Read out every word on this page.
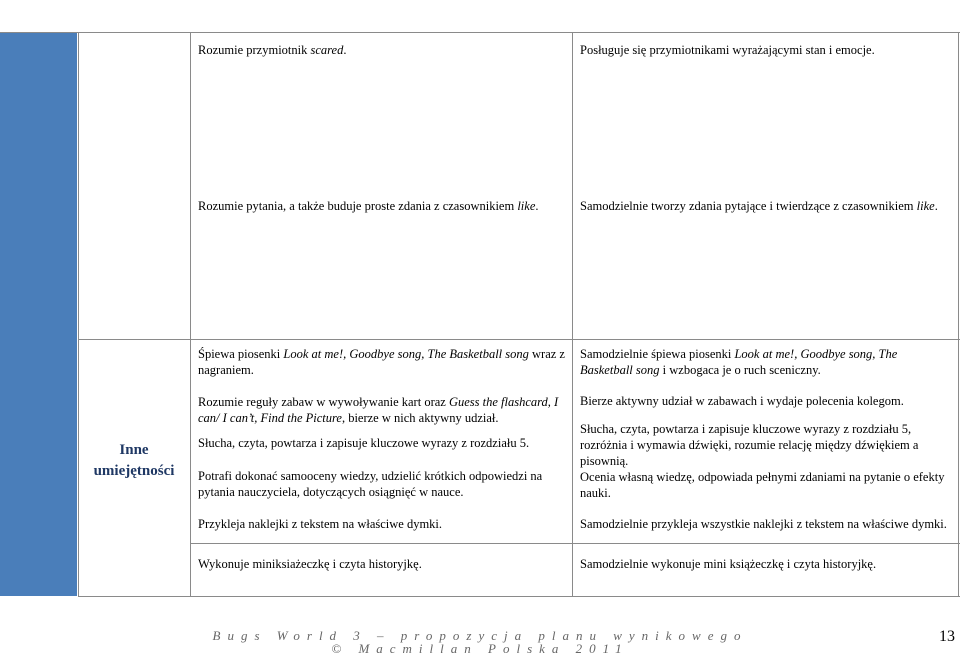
Rozumie przymiotnik scared.	Posługuje się przymiotnikami wyrażającymi stan i emocje.
Rozumie pytania, a także buduje proste zdania z czasownikiem like.	Samodzielnie tworzy zdania pytające i twierdzące z czasownikiem like.
Inne
umiejętności
Śpiewa piosenki Look at me!, Goodbye song, The Basketball song wraz z nagraniem.
Rozumie reguły zabaw w wywoływanie kart oraz Guess the flashcard, I can/ I can’t, Find the Picture, bierze w nich aktywny udział.
Słucha, czyta, powtarza i zapisuje kluczowe wyrazy z rozdziału 5.
Potrafi dokonać samooceny wiedzy, udzielić krótkich odpowiedzi na pytania nauczyciela, dotyczących osiągnięć w nauce.
Przykleja naklejki z tekstem na właściwe dymki.
Wykonuje miniksiażeczkę i czyta historyjkę.
Samodzielnie śpiewa piosenki Look at me!, Goodbye song, The Basketball song i wzbogaca je o ruch sceniczny.
Bierze aktywny udział w zabawach i wydaje polecenia kolegom.
Słucha, czyta, powtarza i zapisuje kluczowe wyrazy z rozdziału 5, rozróżnia i wymawia dźwięki, rozumie relację między dźwiękiem a pisownią.
Ocenia własną wiedzę, odpowiada pełnymi zdaniami na pytanie o efekty nauki.
Samodzielnie przykleja wszystkie naklejki z tekstem na właściwe dymki.
Samodzielnie wykonuje mini książeczkę i czyta historyjkę.
Bugs World 3 – propozycja planu wynikowego
© Macmillan Polska 2011
13
